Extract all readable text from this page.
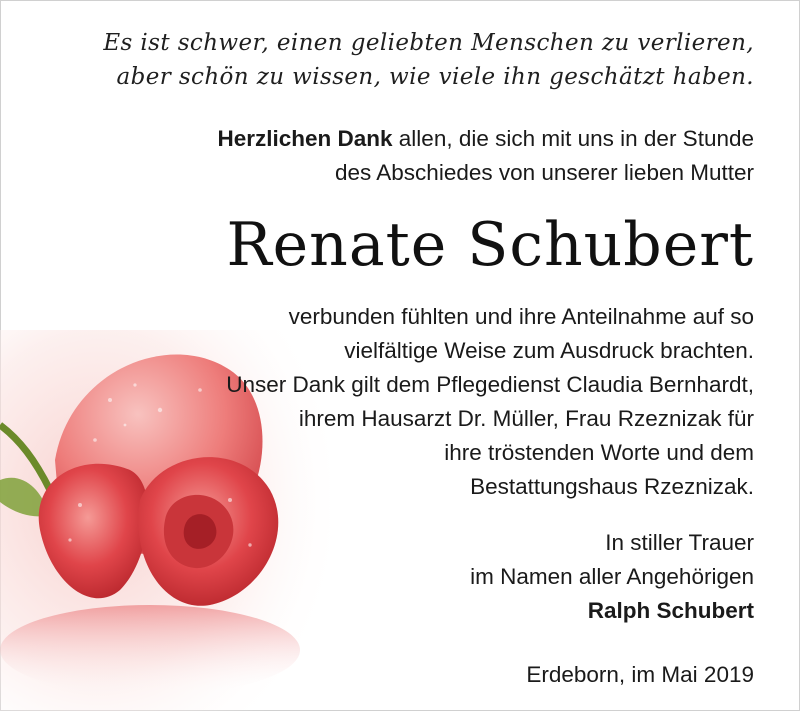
Es ist schwer, einen geliebten Menschen zu verlieren,
aber schön zu wissen, wie viele ihn geschätzt haben.
Herzlichen Dank allen, die sich mit uns in der Stunde
des Abschiedes von unserer lieben Mutter
Renate Schubert
verbunden fühlten und ihre Anteilnahme auf so
vielfältige Weise zum Ausdruck brachten.
Unser Dank gilt dem Pflegedienst Claudia Bernhardt,
ihrem Hausarzt Dr. Müller, Frau Rzeznizak für
ihre tröstenden Worte und dem
Bestattungshaus Rzeznizak.
In stiller Trauer
im Namen aller Angehörigen
Ralph Schubert
Erdeborn, im Mai 2019
